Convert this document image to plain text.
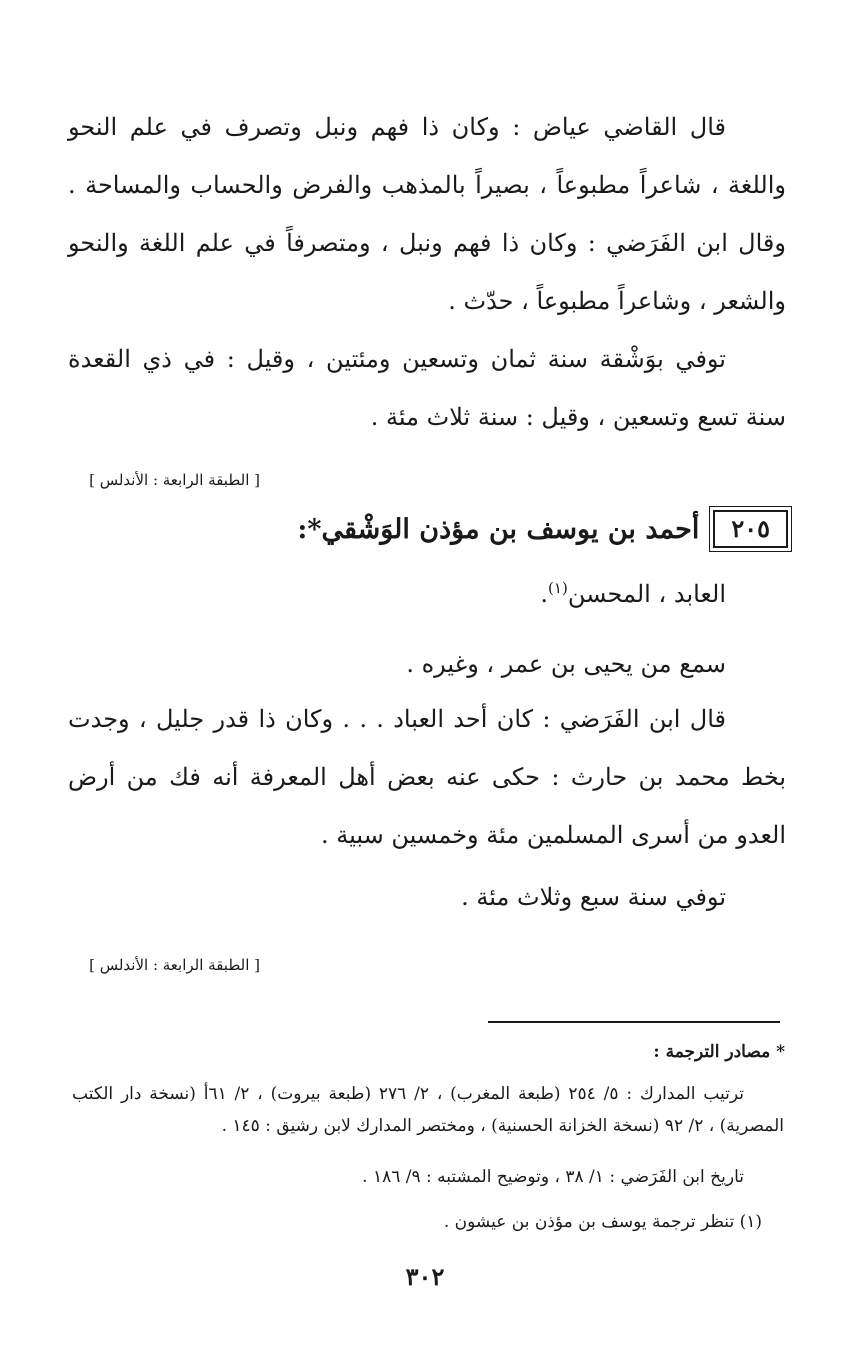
قال القاضي عياض : وكان ذا فهم ونبل وتصرف في علم النحو واللغة ، شاعراً مطبوعاً ، بصيراً بالمذهب والفرض والحساب والمساحة . وقال ابن الفَرَضي : وكان ذا فهم ونبل ، ومتصرفاً في علم اللغة والنحو والشعر ، وشاعراً مطبوعاً ، حدّث .

توفي بوَشْقة سنة ثمان وتسعين ومئتين ، وقيل : في ذي القعدة سنة تسع وتسعين ، وقيل : سنة ثلاث مئة .

[ الطبقة الرابعة : الأندلس ]
٢٠٥
أحمد بن يوسف بن مؤذن الوَشْقي*:

العابد ، المحسن$^{(١)}$.

سمع من يحيى بن عمر ، وغيره .

قال ابن الفَرَضي : كان أحد العباد . . . وكان ذا قدر جليل ، وجدت بخط محمد بن حارث : حكى عنه بعض أهل المعرفة أنه فك من أرض العدو من أسرى المسلمين مئة وخمسين سبية .

توفي سنة سبع وثلاث مئة .

[ الطبقة الرابعة : الأندلس ]
* مصادر الترجمة :

ترتيب المدارك : ٥/ ٢٥٤ (طبعة المغرب) ، ٢/ ٢٧٦ (طبعة بيروت) ، ٢/ ٦١أ (نسخة دار الكتب المصرية) ، ٢/ ٩٢ (نسخة الخزانة الحسنية) ، ومختصر المدارك لابن رشيق : ١٤٥ .

تاريخ ابن الفَرَضي : ١/ ٣٨ ، وتوضيح المشتبه : ٩/ ١٨٦ .

(١) تنظر ترجمة يوسف بن مؤذن بن عيشون .

٣٠٢
